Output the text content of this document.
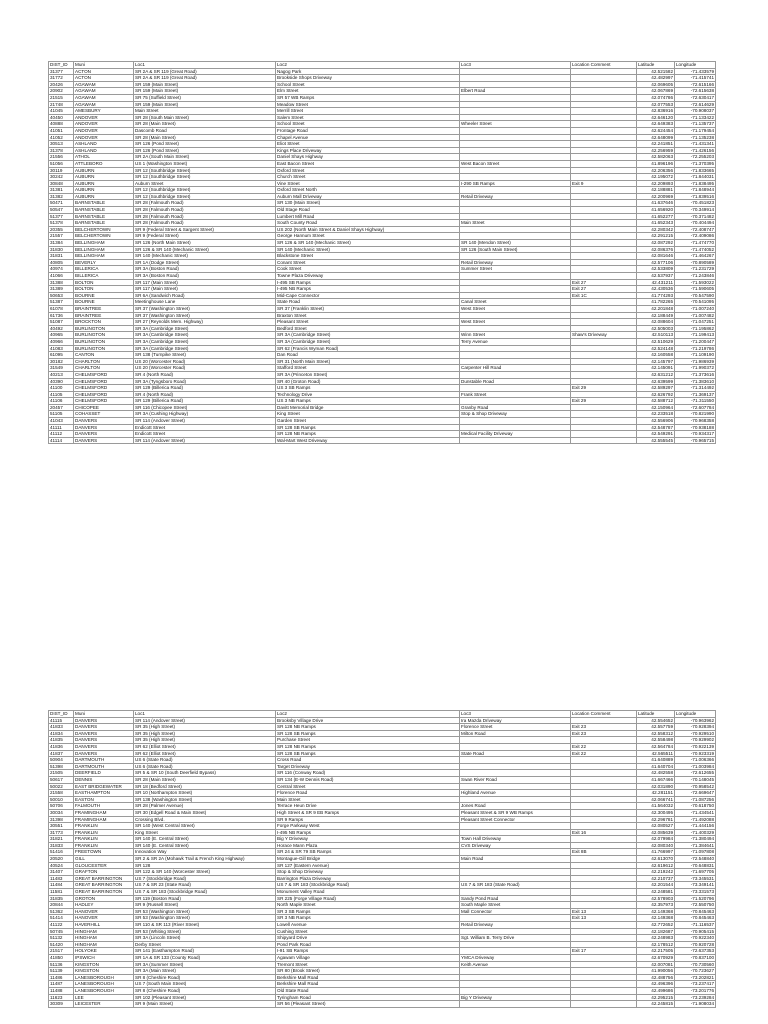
DIST_ID	Muni	Loc1	Loc2	Loc3	Location Comment	Latitude	Longitude
31377	ACTON	SR 2A & SR 119 (Great Road)	Nagog Park			42.521582	-71.433579
31772	ACTON	SR 2A & SR 119 (Great Road)	Brookside Shops Driveway			42.482997	-71.415741
20426	AGAWAM	SR 159 (Main Street)	School Street			42.069605	-72.615166
20902	AGAWAM	SR 159 (Main Street)	Elm Street	Elbert Road		42.067869	-72.615638
21515	AGAWAM	SR 75 (Suffield Street)	SR 57 WB Ramps			42.074786	-72.630417
21748	AGAWAM	SR 159 (Main Street)	Meadow Street			42.077553	-72.614629
41045	AMESBURY	Main Street	Merrill Street			42.836916	-70.908037
40450	ANDOVER	SR 28 (South Main Street)	Salem Street			42.646120	-71.133422
40888	ANDOVER	SR 28 (Main Street)	School Street	Wheeler Street		42.649383	-71.135737
41051	ANDOVER	Dascomb Road	Frontage Road			42.624454	-71.179454
41052	ANDOVER	SR 28 (Main Street)	Chapel Avenue			42.648099	-71.135238
30513	ASHLAND	SR 126 (Pond Street)	Eliot Street			42.241851	-71.431341
31378	ASHLAND	SR 126 (Pond Street)	Kings Place Driveway			42.256959	-71.426156
21556	ATHOL	SR 2A (South Main Street)	Daniel Shays Highway			42.582063	-72.255203
51056	ATTLEBORO	US 1 (Washington Street)	East Bacon Street	West Bacon Street		41.896196	-71.370395
30119	AUBURN	SR 12 (Southbridge Street)	Oxford Street			42.206356	-71.833665
30242	AUBURN	SR 12 (Southbridge Street)	Church Street			42.195072	-71.844031
30848	AUBURN	Auburn Street	Vine Street	I-290 SB Ramps	Exit 9	42.209893	-71.838495
31381	AUBURN	SR 12 (Southbridge Street)	Oxford Street North			42.188881	-71.848944
31382	AUBURN	SR 12 (Southbridge Street)	Auburn Mall Driveway	Retail Driveway		42.200969	-71.839516
50471	BARNSTABLE	SR 28 (Falmouth Road)	SR 130 (Main Street)			41.637646	-70.451823
50547	BARNSTABLE	SR 28 (Falmouth Road)	Old Stage Road			41.656920	-70.349914
51377	BARNSTABLE	SR 28 (Falmouth Road)	Lumbert Mill Road			41.652277	-70.371482
51378	BARNSTABLE	SR 28 (Falmouth Road)	South County Road	Main Street		41.652343	-70.404494
20355	BELCHERTOWN	SR 9 (Federal Street & Sargent Street)	US 202 (North Main Street & Daniel Shays Highway)			42.280342	-72.408747
21557	BELCHERTOWN	SR 9 (Federal Street)	George Hannum Street			42.291215	-72.409086
31384	BELLINGHAM	SR 126 (North Main Street)	SR 126 & SR 140 (Mechanic Street)	SR 140 (Mendon Street)		42.087292	-71.474770
31830	BELLINGHAM	SR 126 & SR 140 (Mechanic Street)	SR 140 (Mechanic Street)	SR 126 (South Main Street)		42.086376	-71.474052
31831	BELLINGHAM	SR 140 (Mechanic Street)	Blackstone Street			42.081646	-71.464267
40805	BEVERLY	SR 1A (Dodge Street)	Conant Street	Retail Driveway		42.577106	-70.890589
40974	BILLERICA	SR 3A (Boston Road)	Cook Street	Summer Street		42.533809	-71.231729
41066	BILLERICA	SR 3A (Boston Road)	Towne Plaza Driveway			42.537937	-71.243846
31388	BOLTON	SR 117 (Main Street)	I-495 SB Ramps		Exit 27	42.431211	-71.593022
31389	BOLTON	SR 117 (Main Street)	I-495 NB Ramps		Exit 27	42.430536	-71.590605
50653	BOURNE	SR 6A (Sandwich Road)	Mid-Cape Connector		Exit 1C	41.774293	-70.547590
51387	BOURNE	Meetinghouse Lane	State Road	Canal Street		41.782265	-70.541095
61078	BRAINTREE	SR 37 (Washington Street)	SR 37 (Franklin Street)	West Street		42.201848	-71.007240
61736	BRAINTREE	SR 37 (Washington Street)	Braxton Street			42.188449	-71.007482
51087	BROCKTON	SR 27 (Reynolds Mem. Highway)	Pleasant Street	West Street		42.088604	-71.047251
40492	BURLINGTON	SR 3A (Cambridge Street)	Bedford Street			42.505003	-71.195862
40965	BURLINGTON	SR 3A (Cambridge Street)	SR 3A (Cambridge Street)	Winn Street	Shaw's Driveway	42.510113	-71.199413
40966	BURLINGTON	SR 3A (Cambridge Street)	SR 3A (Cambridge Street)	Terry Avenue		42.510629	-71.200447
41083	BURLINGTON	SR 3A (Cambridge Street)	SR 62 (Francis Wyman Road)			42.524148	-71.219786
61095	CANTON	SR 138 (Turnpike Street)	Dan Road			42.160558	-71.109190
30182	CHARLTON	US 20 (Worcester Road)	SR 31 (North Main Street)			42.145797	-71.986939
31549	CHARLTON	US 20 (Worcester Road)	Stafford Street	Carpenter Hill Road		42.145091	-71.990372
40213	CHELMSFORD	SR 4 (North Road)	SR 3A (Princeton Street)			42.631212	-71.373616
40390	CHELMSFORD	SR 3A (Tyngsboro Road)	SR 40 (Groton Road)	Dunstable Road		42.639599	-71.383610
41100	CHELMSFORD	SR 129 (Billerica Road)	US 3 SB Ramps		Exit 29	42.589297	-71.314492
41105	CHELMSFORD	SR 4 (North Road)	Technology Drive	Frank Street		42.626792	-71.369137
41106	CHELMSFORD	SR 129 (Billerica Road)	US 3 NB Ramps		Exit 29	42.588712	-71.311550
20457	CHICOPEE	SR 116 (Chicopee Street)	Davitt Memorial Bridge	Granby Road		42.150964	-72.607784
51105	COHASSET	SR 3A (Cushing Highway)	King Street	Stop & Shop Driveway		42.233518	-70.821990
41043	DANVERS	SR 114 (Andover Street)	Garden Street			42.556906	-70.968358
41111	DANVERS	Endicott Street	SR 128 SB Ramps			42.548787	-70.938188
41112	DANVERS	Endicott Street	SR 128 NB Ramps	Medical Facility Driveway		42.549291	-70.934317
41114	DANVERS	SR 114 (Andover Street)	Wal-Mart West Driveway			42.555545	-70.965715
DIST_ID	Muni	Loc1	Loc2	Loc3	Location Comment	Latitude	Longitude
41115	DANVERS	SR 114 (Andover Street)	Brooksby Village Drive	Ira Mazda Driveway		42.554652	-70.963962
41833	DANVERS	SR 35 (High Street)	SR 128 NB Ramps	Florence Street	Exit 23	42.557759	-70.928394
41834	DANVERS	SR 35 (High Street)	SR 128 SB Ramps	Milton Road	Exit 23	42.558312	-70.929510
41835	DANVERS	SR 35 (High Street)	Purchase Street			42.558498	-70.929902
41836	DANVERS	SR 62 (Elliot Street)	SR 128 NB Ramps		Exit 22	42.564784	-70.922139
41837	DANVERS	SR 62 (Elliot Street)	SR 128 SB Ramps	State Road	Exit 22	42.565511	-70.923319
50904	DARTMOUTH	US 6 (State Road)	Cross Road			41.640889	-71.006366
51398	DARTMOUTH	US 6 (State Road)	Target Driveway			41.640704	-71.003984
21505	DEERFIELD	SR 5 & SR 10 (South Deerfield Bypass)	SR 116 (Conway Road)			42.482558	-72.612655
50617	DENNIS	SR 28 (Main Street)	SR 134 (E-W Dennis Road)	Swan River Road		41.667466	-70.148045
50022	EAST BRIDGEWATER	SR 18 (Bedford Street)	Central Street			42.031890	-70.958542
21558	EASTHAMPTON	SR 10 (Northampton Street)	Florence Road	Highland Avenue		42.281151	-72.669647
50010	EASTON	SR 138 (Washington Street)	Main Street			42.066741	-71.087256
50706	FALMOUTH	SR 28 (Palmer Avenue)	Terrace Heun Drive	Jones Road		41.564032	-70.618750
30034	FRAMINGHAM	SR 30 (Edgell Road & Main Street)	High Street & SR 9 EB Ramps	Pleasant Street & SR 9 WB Ramps		42.300495	-71.434541
31398	FRAMINGHAM	Crossing Blvd.	SR 9 Ramps	Pleasant Street Connector		42.296781	-71.492088
30551	FRANKLIN	SR 140 (West Central Street)	Forge Parkway West			42.080527	-71.444156
31773	FRANKLIN	King Street	I-495 NB Ramps		Exit 16	42.085639	-71.400329
31821	FRANKLIN	SR 140 (E. Central Street)	Big Y Driveway	Town Hall Driveway		42.079984	-71.380494
31833	FRANKLIN	SR 140 (E. Central Street)	Horace Mann Plaza	CVS Driveway		42.080340	-71.384641
51416	FREETOWN	Innovation Way	SR 24 & SR 79 SB Ramps		Exit 8B	41.766997	-71.097808
20520	GILL	SR 2 & SR 2A (Mohawk Trail & French King Highway)	Montague-Gill Bridge	Main Road		42.613070	-72.548840
40524	GLOUCESTER	SR 128	SR 127 (Eastern Avenue)			42.619612	-70.648831
31407	GRAFTON	SR 122 & SR 140 (Worcester Street)	Stop & Shop Driveway			42.219242	-71.697705
11483	GREAT BARRINGTON	US 7 (Stockbridge Road)	Barrington Plaza Driveway			42.210737	-73.345531
11484	GREAT BARRINGTON	US 7 & SR 23 (State Road)	US 7 & SR 183 (Stockbridge Road)	US 7 & SR 183 (State Road)		42.201544	-73.349141
11581	GREAT BARRINGTON	US 7 & SR 183 (Stockbridge Road)	Monument Valley Road			42.248581	-73.331573
31835	GROTON	SR 119 (Boston Road)	SR 225 (Forge Village Road)	Sandy Pond Road		42.578903	-71.520796
20844	HADLEY	SR 9 (Russell Street)	North Maple Street	South Maple Street		42.357973	-72.550750
51362	HANOVER	SR 53 (Washington Street)	SR 3 SB Ramps	Mall Connector	Exit 13	42.149368	-70.845463
51414	HANOVER	SR 53 (Washington Street)	SR 3 NB Ramps		Exit 13	42.149368	-70.845463
41122	HAVERHILL	SR 110 & SR 113 (River Street)	Lowell Avenue	Retail Driveway		42.772652	-71.116537
50745	HINGHAM	SR 53 (Whiting Street)	Cushing Street			42.182687	-70.905415
51132	HINGHAM	SR 3A (Lincoln Street)	Shipyard Drive	Sgt. William B. Terry Drive		42.248983	-70.922340
51420	HINGHAM	Derby Street	Pond Park Road			42.178512	-70.920728
21517	HOLYOKE	SR 141 (Easthampton Road)	I-91 SB Ramps		Exit 17	42.217505	-72.637353
41850	IPSWICH	SR 1A & SR 133 (County Road)	Agawam Village	YMCA Driveway		42.670929	-70.837100
51136	KINGSTON	SR 3A (Summer Street)	Tremont Street	Keith Avenue		42.007081	-70.730560
51139	KINGSTON	SR 3A (Main Street)	SR 80 (Brook Street)			41.990056	-70.723627
11486	LANESBOROUGH	SR 8 (Cheshire Road)	Berkshire Mall Road			42.488756	-73.202821
11487	LANESBOROUGH	US 7 (South Main Street)	Berkshire Mall Road			42.496396	-73.237417
11488	LANESBOROUGH	SR 8 (Cheshire Road)	Old State Road			42.499686	-73.201776
11623	LEE	SR 102 (Pleasant Street)	Tyringham Road	Big Y Driveway		42.295215	-73.239284
30309	LEICESTER	SR 9 (Main Street)	SR 56 (Pleasant Street)			42.245815	-71.908034
